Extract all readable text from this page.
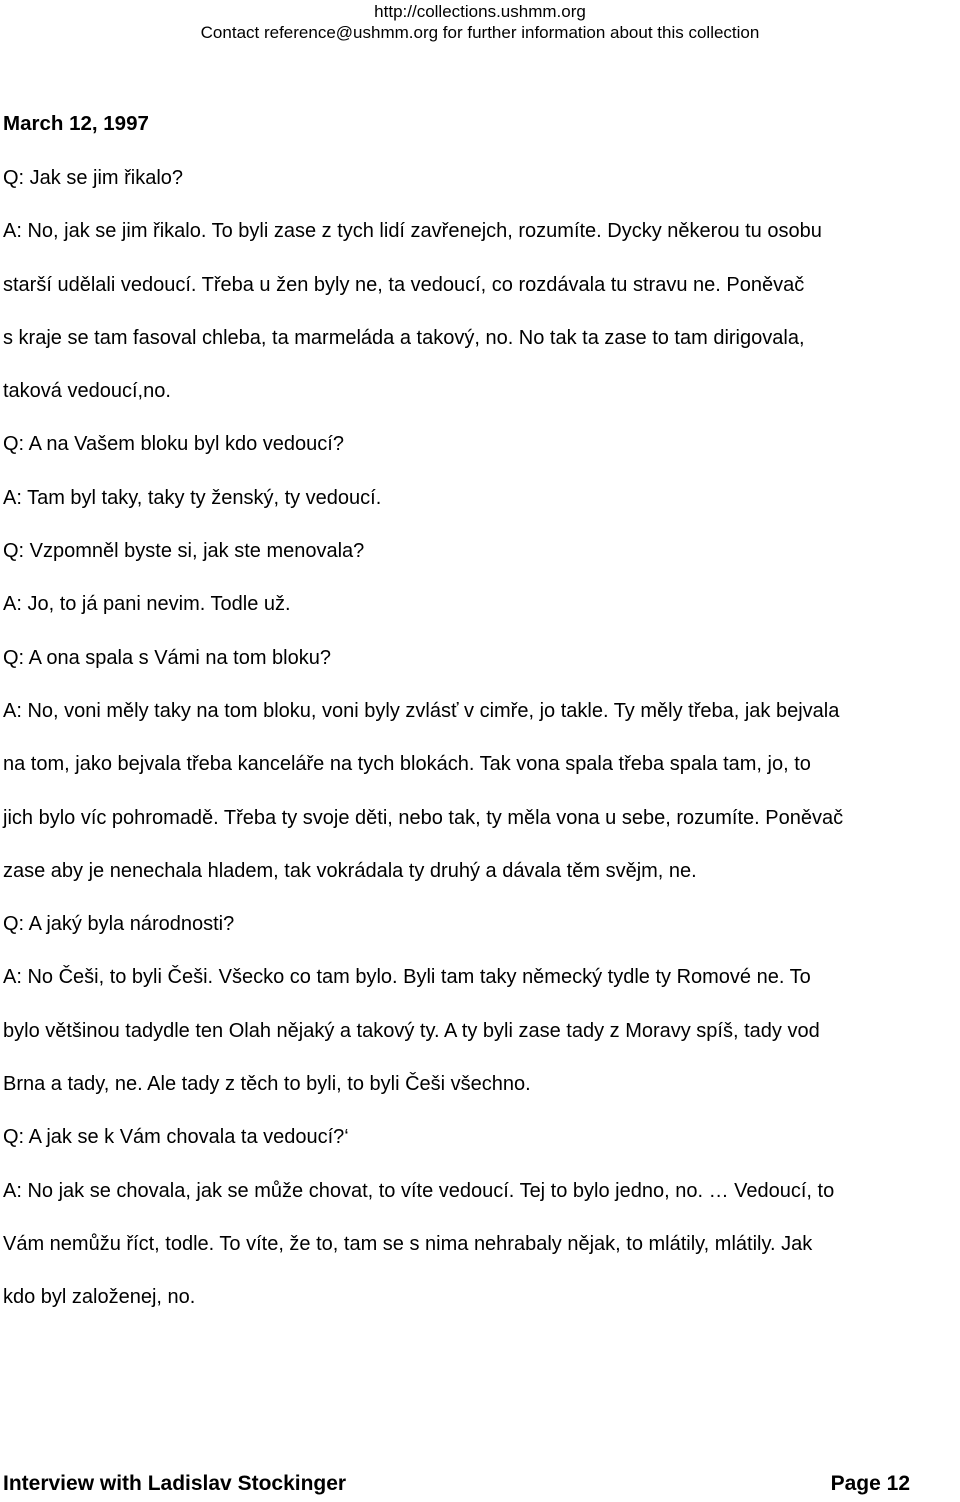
http://collections.ushmm.org
Contact reference@ushmm.org for further information about this collection
March 12, 1997

Q: Jak se jim řikalo?

A: No, jak se jim řikalo. To byli zase z tych lidí zavřenejch, rozumíte. Dycky někerou tu osobu

starší udělali vedoucí. Třeba u žen byly ne, ta vedoucí, co rozdávala tu stravu ne. Poněvač

s kraje se tam fasoval chleba, ta marmeláda a takový, no. No tak ta zase to tam dirigovala,

taková vedoucí,no.

Q: A na Vašem bloku byl kdo vedoucí?

A: Tam byl taky, taky ty ženský, ty vedoucí.

Q: Vzpomněl byste si, jak ste menovala?

A: Jo, to já pani nevim. Todle už.

Q: A ona spala s Vámi na tom bloku?

A: No, voni měly taky na tom bloku, voni byly zvlásť v cimře, jo takle. Ty měly třeba, jak bejvala

na tom, jako bejvala třeba kanceláře na tych blokách. Tak vona spala třeba spala tam, jo, to

jich bylo víc pohromadě. Třeba ty svoje děti, nebo tak, ty měla vona u sebe, rozumíte. Poněvač

zase aby je nenechala hladem, tak vokrádala ty druhý a dávala těm svějm, ne.

Q: A jaký byla národnosti?

A: No Češi, to byli Češi. Všecko co tam bylo. Byli tam taky německý tydle ty Romové ne. To

bylo většinou tadydle ten Olah nějaký a takový ty. A ty byli zase tady z Moravy spíš, tady vod

Brna a tady, ne. Ale tady z těch to byli, to byli Češi všechno.

Q: A jak se k Vám chovala ta vedoucí?‘

A: No jak se chovala, jak se může chovat, to víte vedoucí. Tej to bylo jedno, no. … Vedoucí, to

Vám nemůžu říct, todle. To víte, že to, tam se s nima nehrabaly nějak, to mlátily, mlátily. Jak

kdo byl založenej, no.

Interview with Ladislav Stockinger	Page 12
